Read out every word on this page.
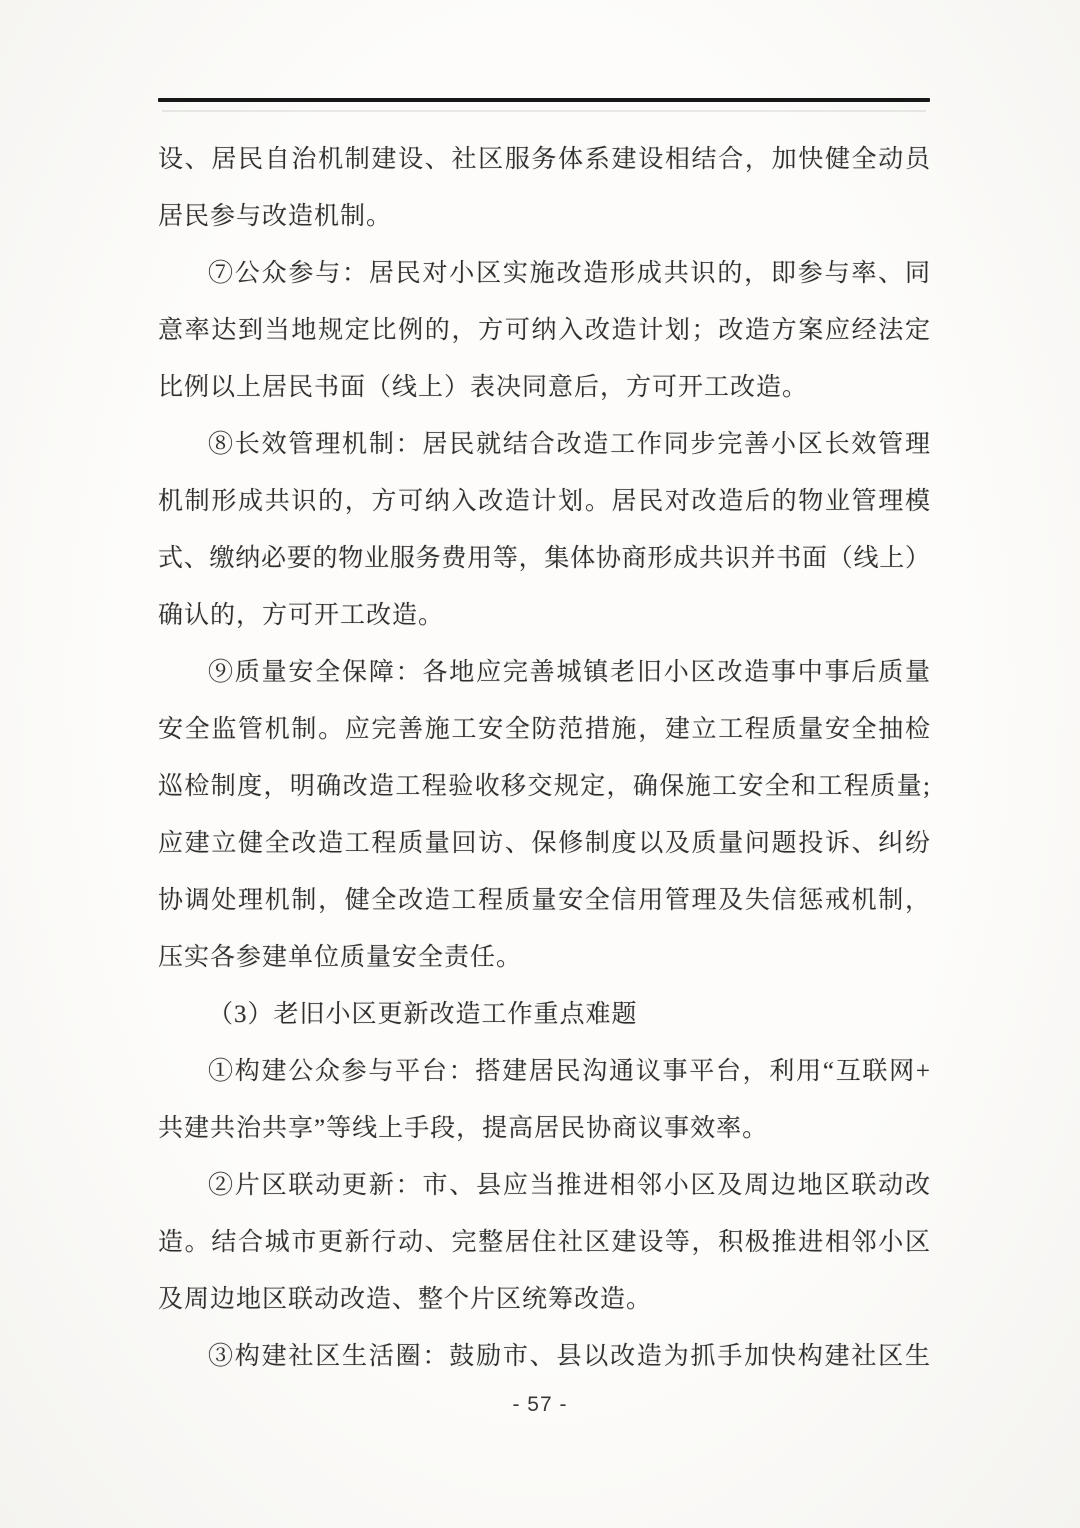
设、居民自治机制建设、社区服务体系建设相结合，加快健全动员
居民参与改造机制。
⑦公众参与：居民对小区实施改造形成共识的，即参与率、同
意率达到当地规定比例的，方可纳入改造计划；改造方案应经法定
比例以上居民书面（线上）表决同意后，方可开工改造。
⑧长效管理机制：居民就结合改造工作同步完善小区长效管理
机制形成共识的，方可纳入改造计划。居民对改造后的物业管理模
式、缴纳必要的物业服务费用等，集体协商形成共识并书面（线上）
确认的，方可开工改造。
⑨质量安全保障：各地应完善城镇老旧小区改造事中事后质量
安全监管机制。应完善施工安全防范措施，建立工程质量安全抽检
巡检制度，明确改造工程验收移交规定，确保施工安全和工程质量;
应建立健全改造工程质量回访、保修制度以及质量问题投诉、纠纷
协调处理机制，健全改造工程质量安全信用管理及失信惩戒机制，
压实各参建单位质量安全责任。
（3）老旧小区更新改造工作重点难题
①构建公众参与平台：搭建居民沟通议事平台，利用“互联网+
共建共治共享”等线上手段，提高居民协商议事效率。
②片区联动更新：市、县应当推进相邻小区及周边地区联动改
造。结合城市更新行动、完整居住社区建设等，积极推进相邻小区
及周边地区联动改造、整个片区统筹改造。
③构建社区生活圈：鼓励市、县以改造为抓手加快构建社区生
- 57 -
